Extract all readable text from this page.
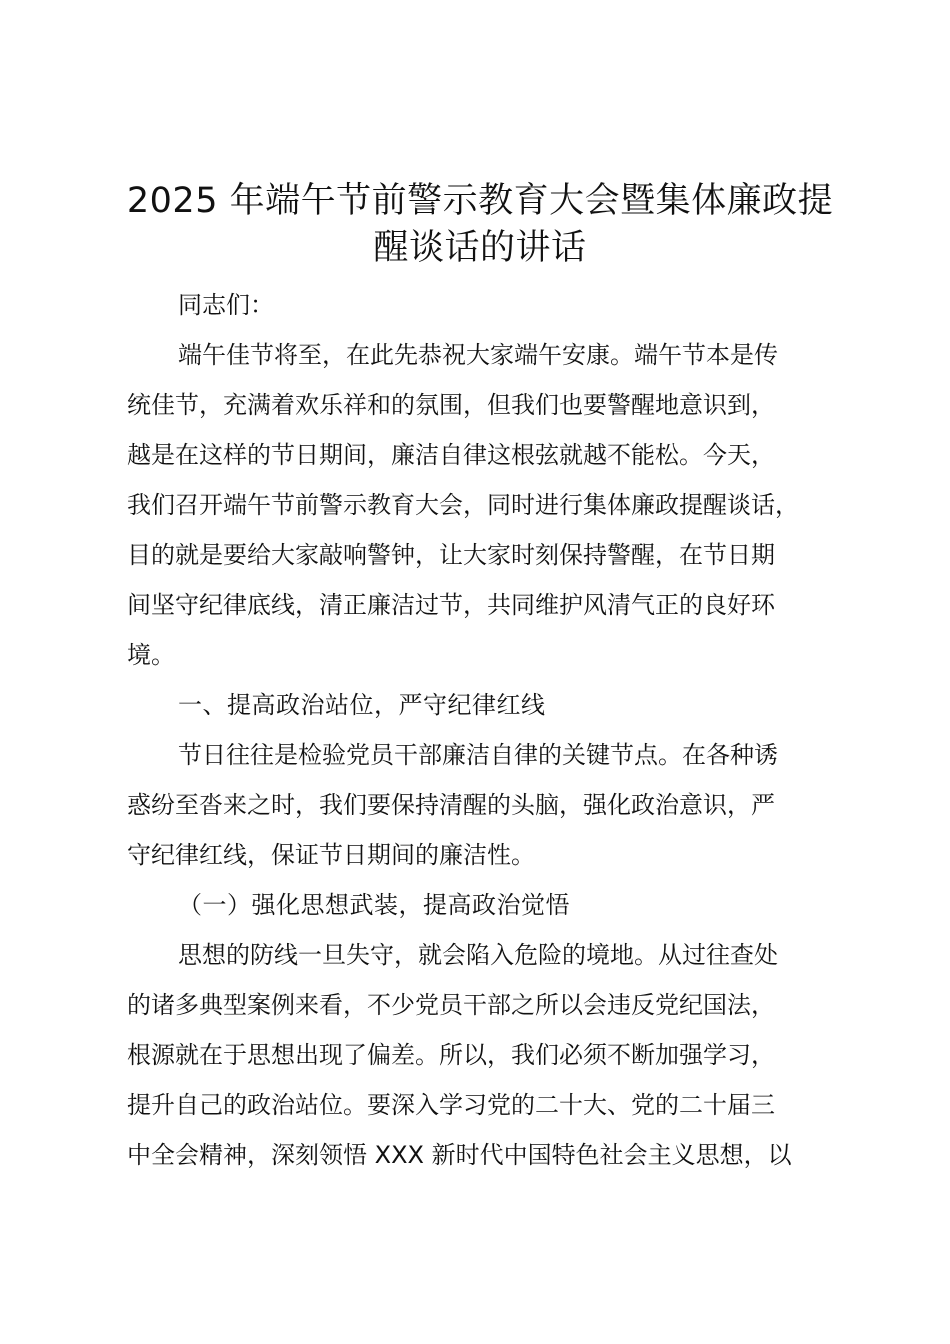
2025 年端午节前警示教育大会暨集体廉政提
醒谈话的讲话
同志们：
端午佳节将至，在此先恭祝大家端午安康。端午节本是传
统佳节，充满着欢乐祥和的氛围，但我们也要警醒地意识到，
越是在这样的节日期间，廉洁自律这根弦就越不能松。今天，
我们召开端午节前警示教育大会，同时进行集体廉政提醒谈话，
目的就是要给大家敲响警钟，让大家时刻保持警醒，在节日期
间坚守纪律底线，清正廉洁过节，共同维护风清气正的良好环
境。
一、提高政治站位，严守纪律红线
节日往往是检验党员干部廉洁自律的关键节点。在各种诱
惑纷至沓来之时，我们要保持清醒的头脑，强化政治意识，严
守纪律红线，保证节日期间的廉洁性。
（一）强化思想武装，提高政治觉悟
思想的防线一旦失守，就会陷入危险的境地。从过往查处
的诸多典型案例来看，不少党员干部之所以会违反党纪国法，
根源就在于思想出现了偏差。所以，我们必须不断加强学习，
提升自己的政治站位。要深入学习党的二十大、党的二十届三
中全会精神，深刻领悟 XXX 新时代中国特色社会主义思想，以
